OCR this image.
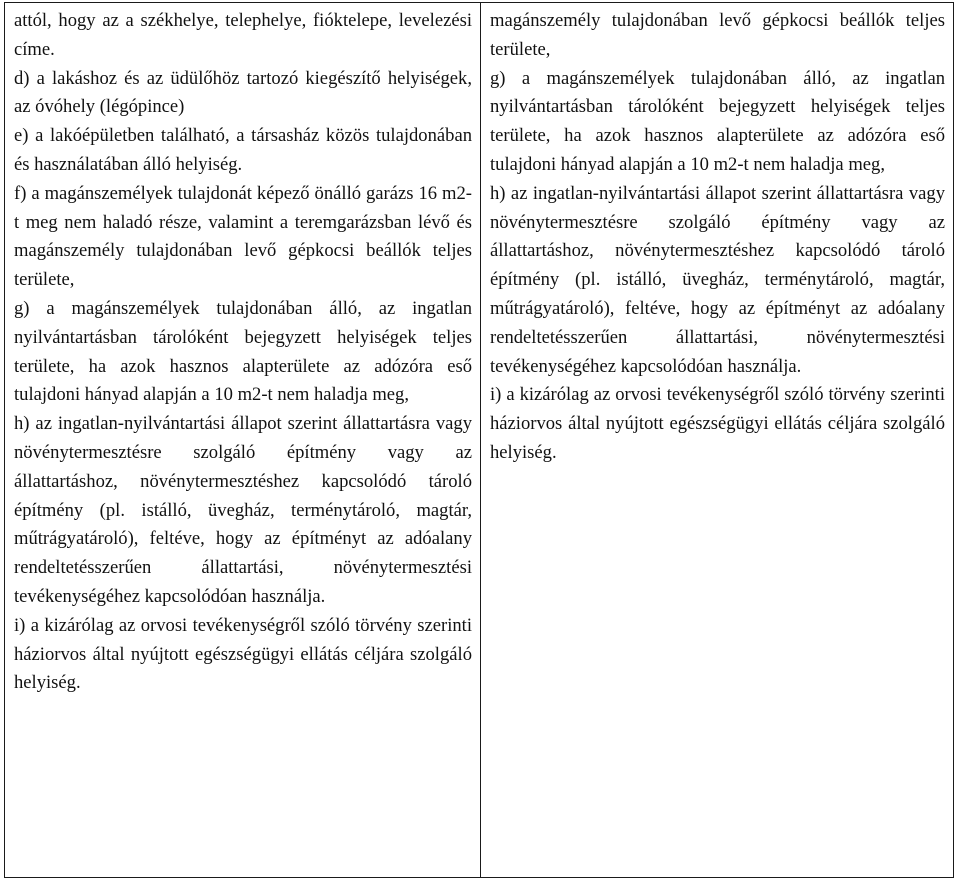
attól, hogy az a székhelye, telephelye, fióktelepe, levelezési címe.

d) a lakáshoz és az üdülőhöz tartozó kiegészítő helyiségek, az óvóhely (légópince)

e) a lakóépületben található, a társasház közös tulajdonában és használatában álló helyiség.

f) a magánszemélyek tulajdonát képező önálló garázs 16 m2-t meg nem haladó része, valamint a teremgarázsban lévő és magánszemély tulajdonában levő gépkocsi beállók teljes területe,

g) a magánszemélyek tulajdonában álló, az ingatlan nyilvántartásban tárolóként bejegyzett helyiségek teljes területe, ha azok hasznos alapterülete az adózóra eső tulajdoni hányad alapján a 10 m2-t nem haladja meg,

h) az ingatlan-nyilvántartási állapot szerint állattartásra vagy növénytermesztésre szolgáló építmény vagy az állattartáshoz, növénytermesztéshez kapcsolódó tároló építmény (pl. istálló, üvegház, terménytároló, magtár, műtrágyatároló), feltéve, hogy az építményt az adóalany rendeltetésszerűen állattartási, növénytermesztési tevékenységéhez kapcsolódóan használja.

i) a kizárólag az orvosi tevékenységről szóló törvény szerinti háziorvos által nyújtott egészségügyi ellátás céljára szolgáló helyiség.

magánszemély tulajdonában levő gépkocsi beállók teljes területe,

g) a magánszemélyek tulajdonában álló, az ingatlan nyilvántartásban tárolóként bejegyzett helyiségek teljes területe, ha azok hasznos alapterülete az adózóra eső tulajdoni hányad alapján a 10 m2-t nem haladja meg,

h) az ingatlan-nyilvántartási állapot szerint állattartásra vagy növénytermesztésre szolgáló építmény vagy az állattartáshoz, növénytermesztéshez kapcsolódó tároló építmény (pl. istálló, üvegház, terménytároló, magtár, műtrágyatároló), feltéve, hogy az építményt az adóalany rendeltetésszerűen állattartási, növénytermesztési tevékenységéhez kapcsolódóan használja.

i) a kizárólag az orvosi tevékenységről szóló törvény szerinti háziorvos által nyújtott egészségügyi ellátás céljára szolgáló helyiség.
